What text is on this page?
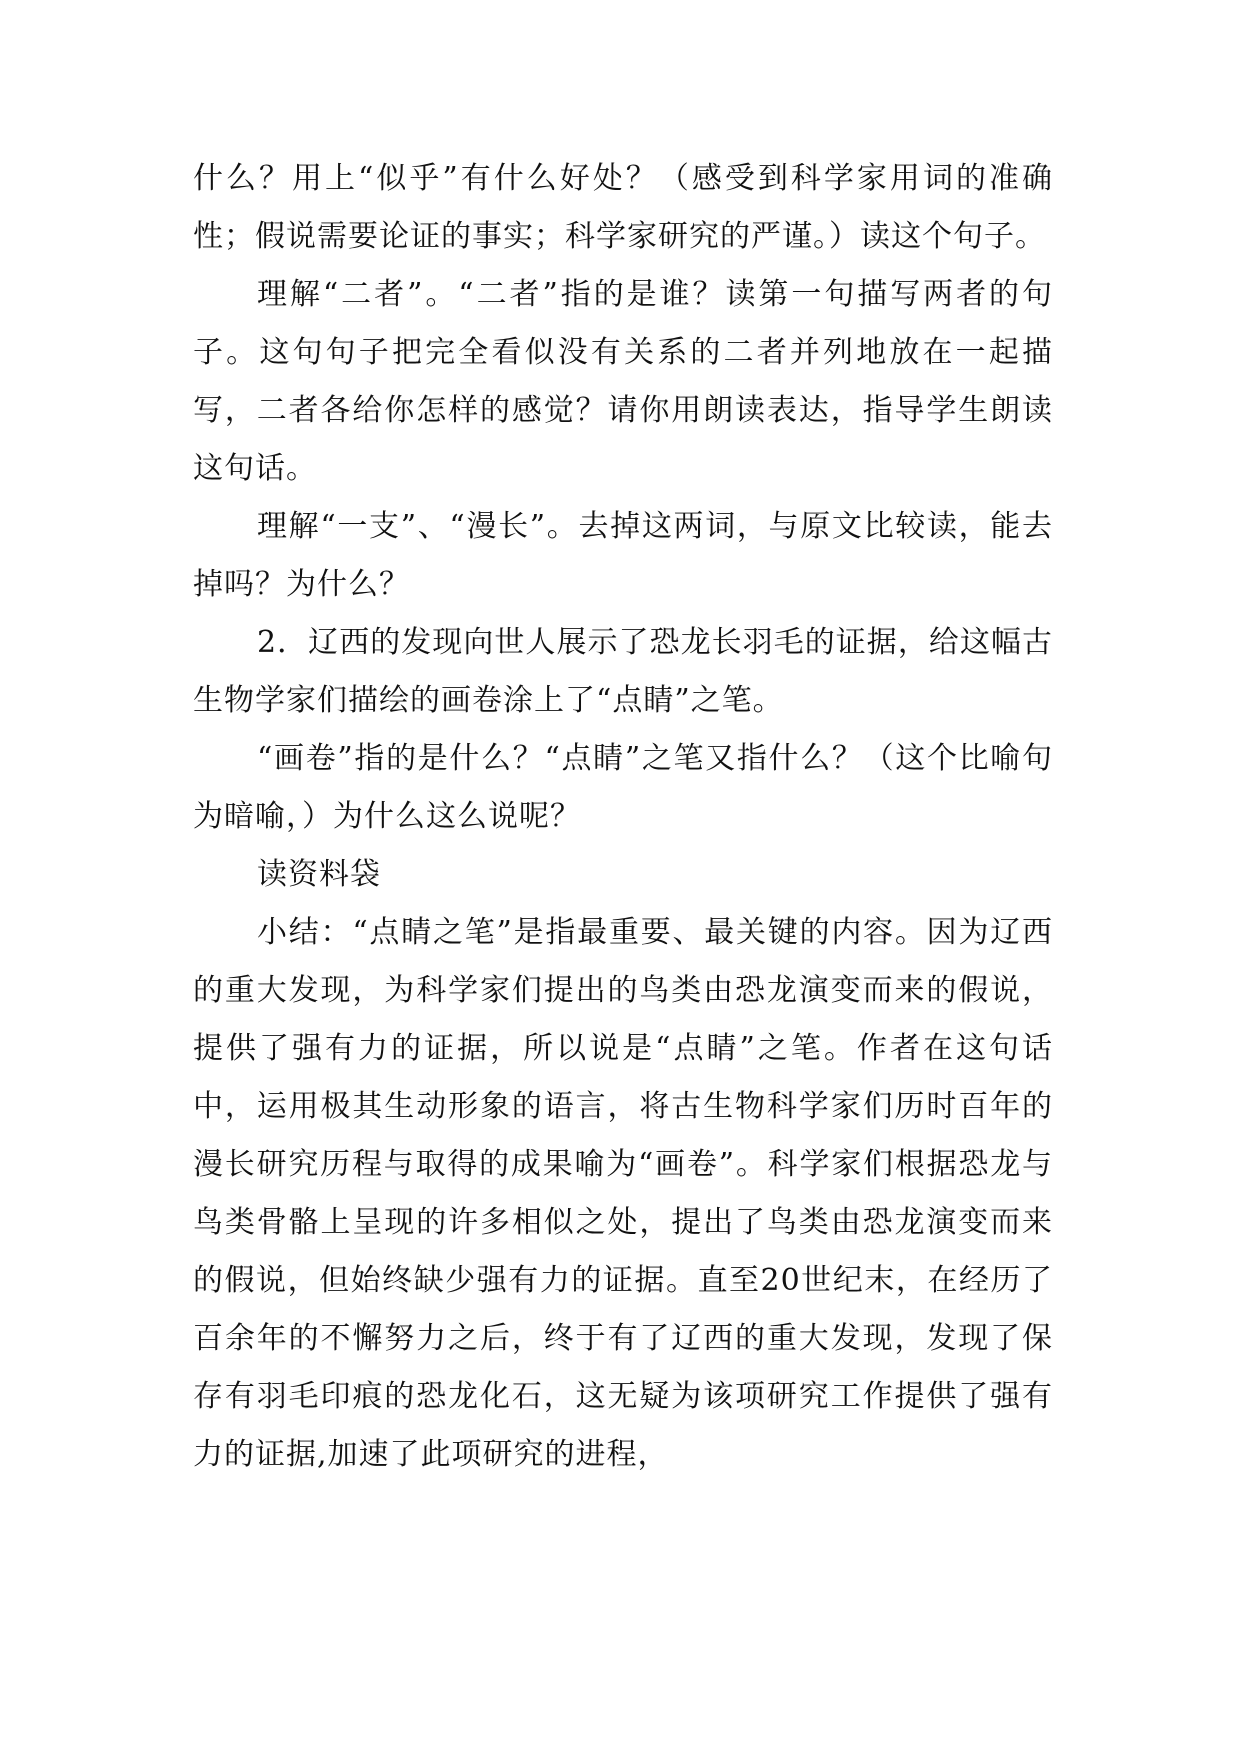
什么？用上“似乎”有什么好处？（感受到科学家用词的准确性；假说需要论证的事实；科学家研究的严谨。）读这个句子。

理解“二者”。“二者”指的是谁？读第一句描写两者的句子。这句句子把完全看似没有关系的二者并列地放在一起描写，二者各给你怎样的感觉？请你用朗读表达，指导学生朗读这句话。

理解“一支”、“漫长”。去掉这两词，与原文比较读，能去掉吗？为什么？

2．辽西的发现向世人展示了恐龙长羽毛的证据，给这幅古生物学家们描绘的画卷涂上了“点睛”之笔。

“画卷”指的是什么？“点睛”之笔又指什么？（这个比喻句为暗喻，）为什么这么说呢？

读资料袋

小结：“点睛之笔”是指最重要、最关键的内容。因为辽西的重大发现，为科学家们提出的鸟类由恐龙演变而来的假说，提供了强有力的证据，所以说是“点睛”之笔。作者在这句话中，运用极其生动形象的语言，将古生物科学家们历时百年的漫长研究历程与取得的成果喻为“画卷”。科学家们根据恐龙与鸟类骨骼上呈现的许多相似之处，提出了鸟类由恐龙演变而来的假说，但始终缺少强有力的证据。直至20世纪末，在经历了百余年的不懈努力之后，终于有了辽西的重大发现，发现了保存有羽毛印痕的恐龙化石，这无疑为该项研究工作提供了强有力的证据,加速了此项研究的进程，
